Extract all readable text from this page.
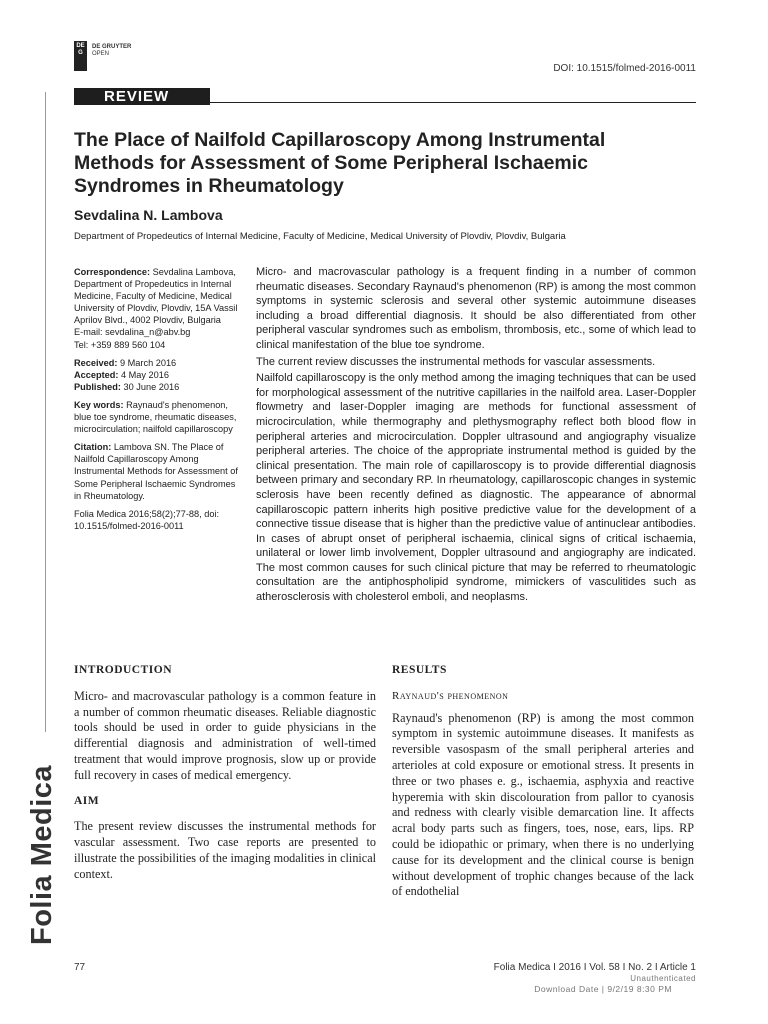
DE G
DE GRUYTER
OPEN
DOI: 10.1515/folmed-2016-0011
REVIEW
Folia Medica
The Place of Nailfold Capillaroscopy Among Instrumental Methods for Assessment of Some Peripheral Ischaemic Syndromes in Rheumatology
Sevdalina N. Lambova
Department of Propedeutics of Internal Medicine, Faculty of Medicine, Medical University of Plovdiv, Plovdiv, Bulgaria

Correspondence: Sevdalina Lambova, Department of Propedeutics in Internal Medicine, Faculty of Medicine, Medical University of Plovdiv, Plovdiv, 15A Vassil Aprilov Blvd., 4002 Plovdiv, Bulgaria
E-mail: sevdalina_n@abv.bg
Tel: +359 889 560 104

Received: 9 March 2016
Accepted: 4 May 2016
Published: 30 June 2016

Key words: Raynaud's phenomenon, blue toe syndrome, rheumatic diseases, microcirculation; nailfold capillaroscopy

Citation: Lambova SN. The Place of Nailfold Capillaroscopy Among Instrumental Methods for Assessment of Some Peripheral Ischaemic Syndromes in Rheumatology.

Folia Medica 2016;58(2);77-88, doi: 10.1515/folmed-2016-0011

Micro- and macrovascular pathology is a frequent finding in a number of common rheumatic diseases. Secondary Raynaud's phenomenon (RP) is among the most common symptoms in systemic sclerosis and several other systemic autoimmune diseases including a broad differential diagnosis. It should be also differentiated from other peripheral vascular syndromes such as embolism, thrombosis, etc., some of which lead to clinical manifestation of the blue toe syndrome.

The current review discusses the instrumental methods for vascular assessments.

Nailfold capillaroscopy is the only method among the imaging techniques that can be used for morphological assessment of the nutritive capillaries in the nailfold area. Laser-Doppler flowmetry and laser-Doppler imaging are methods for functional assessment of microcirculation, while thermography and plethysmography reflect both blood flow in peripheral arteries and microcirculation. Doppler ultrasound and angiography visualize peripheral arteries. The choice of the appropriate instrumental method is guided by the clinical presentation. The main role of capillaroscopy is to provide differential diagnosis between primary and secondary RP. In rheumatology, capillaroscopic changes in systemic sclerosis have been recently defined as diagnostic. The appearance of abnormal capillaroscopic pattern inherits high positive predictive value for the development of a connective tissue disease that is higher than the predictive value of antinuclear antibodies. In cases of abrupt onset of peripheral ischaemia, clinical signs of critical ischaemia, unilateral or lower limb involvement, Doppler ultrasound and angiography are indicated. The most common causes for such clinical picture that may be referred to rheumatologic consultation are the antiphospholipid syndrome, mimickers of vasculitides such as atherosclerosis with cholesterol emboli, and neoplasms.

INTRODUCTION

Micro- and macrovascular pathology is a common feature in a number of common rheumatic diseases. Reliable diagnostic tools should be used in order to guide physicians in the differential diagnosis and administration of well-timed treatment that would improve prognosis, slow up or provide full recovery in cases of medical emergency.

AIM

The present review discusses the instrumental methods for vascular assessment. Two case reports are presented to illustrate the possibilities of the imaging modalities in clinical context.

RESULTS
Raynaud's phenomenon

Raynaud's phenomenon (RP) is among the most common symptom in systemic autoimmune diseases. It manifests as reversible vasospasm of the small peripheral arteries and arterioles at cold exposure or emotional stress. It presents in three or two phases e. g., ischaemia, asphyxia and reactive hyperemia with skin discolouration from pallor to cyanosis and redness with clearly visible demarcation line. It affects acral body parts such as fingers, toes, nose, ears, lips. RP could be idiopathic or primary, when there is no underlying cause for its development and the clinical course is benign without development of trophic changes because of the lack of endothelial

77	Folia Medica I 2016 I Vol. 58 I No. 2 I Article 1
Unauthenticated
Download Date | 9/2/19 8:30 PM
